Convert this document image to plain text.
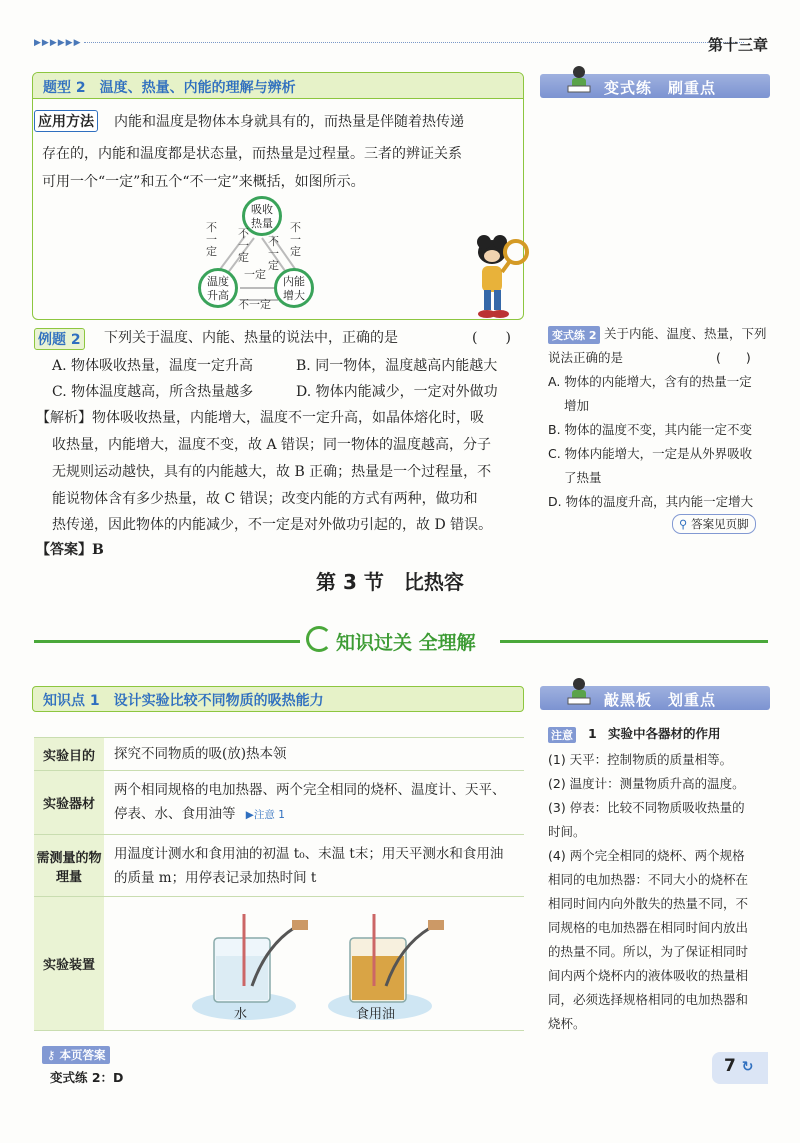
▶▶▶▶▶▶	第十三章
题型 2　温度、热量、内能的理解与辨析
应用方法 内能和温度是物体本身就具有的，而热量是伴随着热传递
存在的，内能和温度都是状态量，而热量是过程量。三者的辨证关系
可用一个“一定”和五个“不一定”来概括，如图所示。
吸收
热量
温度
升高
内能
增大
不一定
不一定
不一定
不一定
一定
不一定
变式练　刷重点
例题 2 下列关于温度、内能、热量的说法中，正确的是	(　　)
A. 物体吸收热量，温度一定升高	B. 同一物体，温度越高内能越大
C. 物体温度越高，所含热量越多	D. 物体内能减少，一定对外做功
【解析】物体吸收热量，内能增大，温度不一定升高，如晶体熔化时，吸
收热量，内能增大，温度不变，故 A 错误；同一物体的温度越高，分子
无规则运动越快，具有的内能越大，故 B 正确；热量是一个过程量，不
能说物体含有多少热量，故 C 错误；改变内能的方式有两种，做功和
热传递，因此物体的内能减少，不一定是对外做功引起的，故 D 错误。
【答案】B
变式练 2 关于内能、温度、热量，下列
说法正确的是	(　　)
A. 物体的内能增大，含有的热量一定
增加
B. 物体的温度不变，其内能一定不变
C. 物体内能增大，一定是从外界吸收
了热量
D. 物体的温度升高，其内能一定增大
⚲ 答案见页脚
第 3 节　比热容
知识过关 全理解
知识点 1　设计实验比较不同物质的吸热能力
实验目的	探究不同物质的吸(放)热本领
实验器材	两个相同规格的电加热器、两个完全相同的烧杯、温度计、天平、停表、水、食用油等 ▶注意 1
需测量的物理量	用温度计测水和食用油的初温 t₀、末温 t末；用天平测水和食用油的质量 m；用停表记录加热时间 t
实验装置	水 食用油
敲黑板　划重点
注意 1 实验中各器材的作用
(1) 天平：控制物质的质量相等。
(2) 温度计：测量物质升高的温度。
(3) 停表：比较不同物质吸收热量的
时间。
(4) 两个完全相同的烧杯、两个规格
相同的电加热器：不同大小的烧杯在
相同时间内向外散失的热量不同，不
同规格的电加热器在相同时间内放出
的热量不同。所以，为了保证相同时
间内两个烧杯内的液体吸收的热量相
同，必须选择规格相同的电加热器和
烧杯。
⚷ 本页答案
变式练 2：D
7 ↻
